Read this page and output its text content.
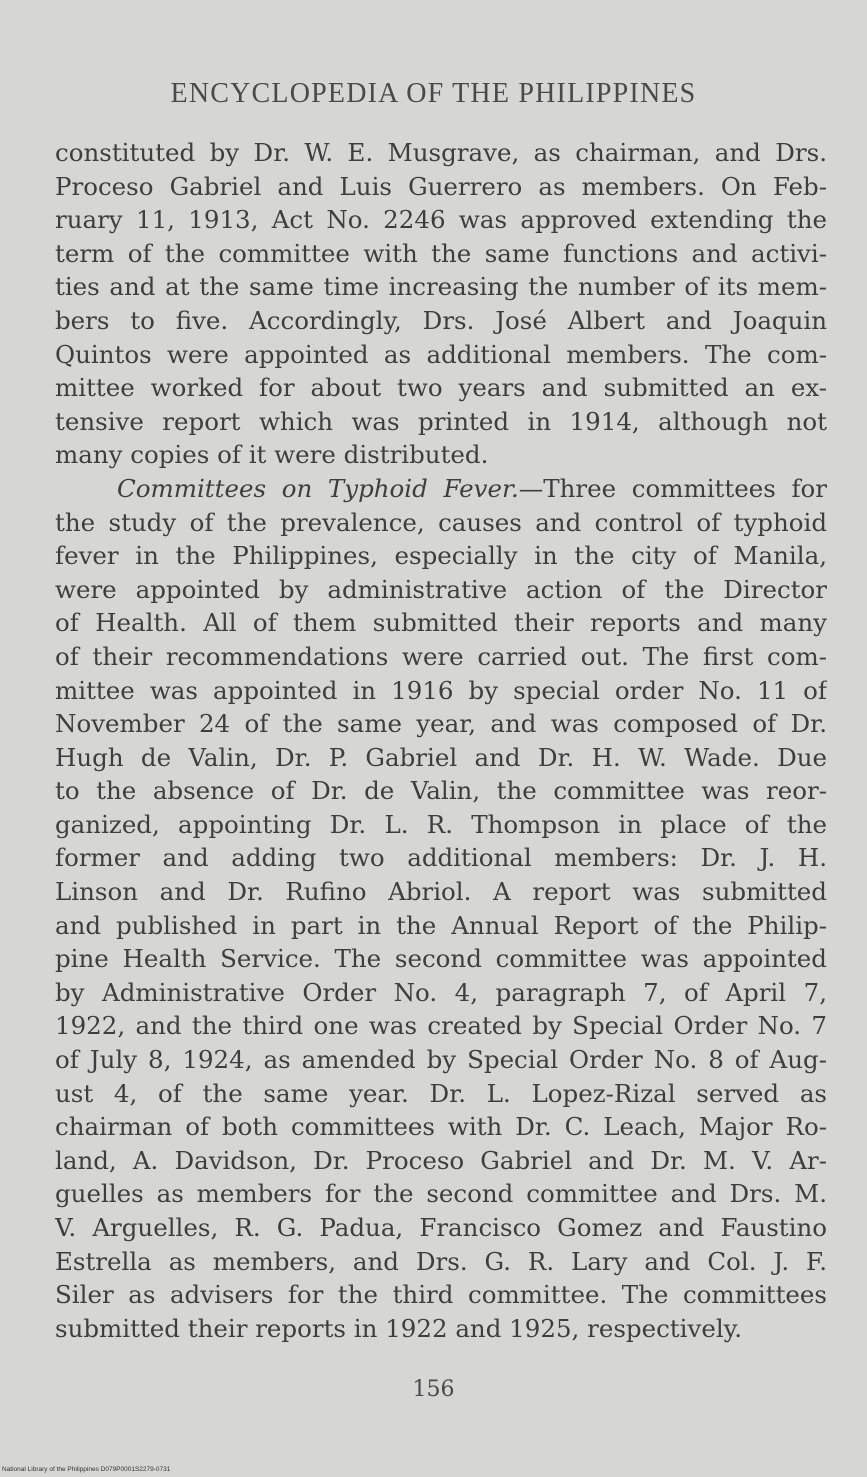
ENCYCLOPEDIA OF THE PHILIPPINES
constituted by Dr. W. E. Musgrave, as chairman, and Drs.
Proceso Gabriel and Luis Guerrero as members. On Feb-
ruary 11, 1913, Act No. 2246 was approved extending the
term of the committee with the same functions and activi-
ties and at the same time increasing the number of its mem-
bers to five. Accordingly, Drs. José Albert and Joaquin
Quintos were appointed as additional members. The com-
mittee worked for about two years and submitted an ex-
tensive report which was printed in 1914, although not
many copies of it were distributed.
Committees on Typhoid Fever.—Three committees for
the study of the prevalence, causes and control of typhoid
fever in the Philippines, especially in the city of Manila,
were appointed by administrative action of the Director
of Health. All of them submitted their reports and many
of their recommendations were carried out. The first com-
mittee was appointed in 1916 by special order No. 11 of
November 24 of the same year, and was composed of Dr.
Hugh de Valin, Dr. P. Gabriel and Dr. H. W. Wade. Due
to the absence of Dr. de Valin, the committee was reor-
ganized, appointing Dr. L. R. Thompson in place of the
former and adding two additional members: Dr. J. H.
Linson and Dr. Rufino Abriol. A report was submitted
and published in part in the Annual Report of the Philip-
pine Health Service. The second committee was appointed
by Administrative Order No. 4, paragraph 7, of April 7,
1922, and the third one was created by Special Order No. 7
of July 8, 1924, as amended by Special Order No. 8 of Aug-
ust 4, of the same year. Dr. L. Lopez-Rizal served as
chairman of both committees with Dr. C. Leach, Major Ro-
land, A. Davidson, Dr. Proceso Gabriel and Dr. M. V. Ar-
guelles as members for the second committee and Drs. M.
V. Arguelles, R. G. Padua, Francisco Gomez and Faustino
Estrella as members, and Drs. G. R. Lary and Col. J. F.
Siler as advisers for the third committee. The committees
submitted their reports in 1922 and 1925, respectively.
156
National Library of the Philippines D079P0001S2279-0731
